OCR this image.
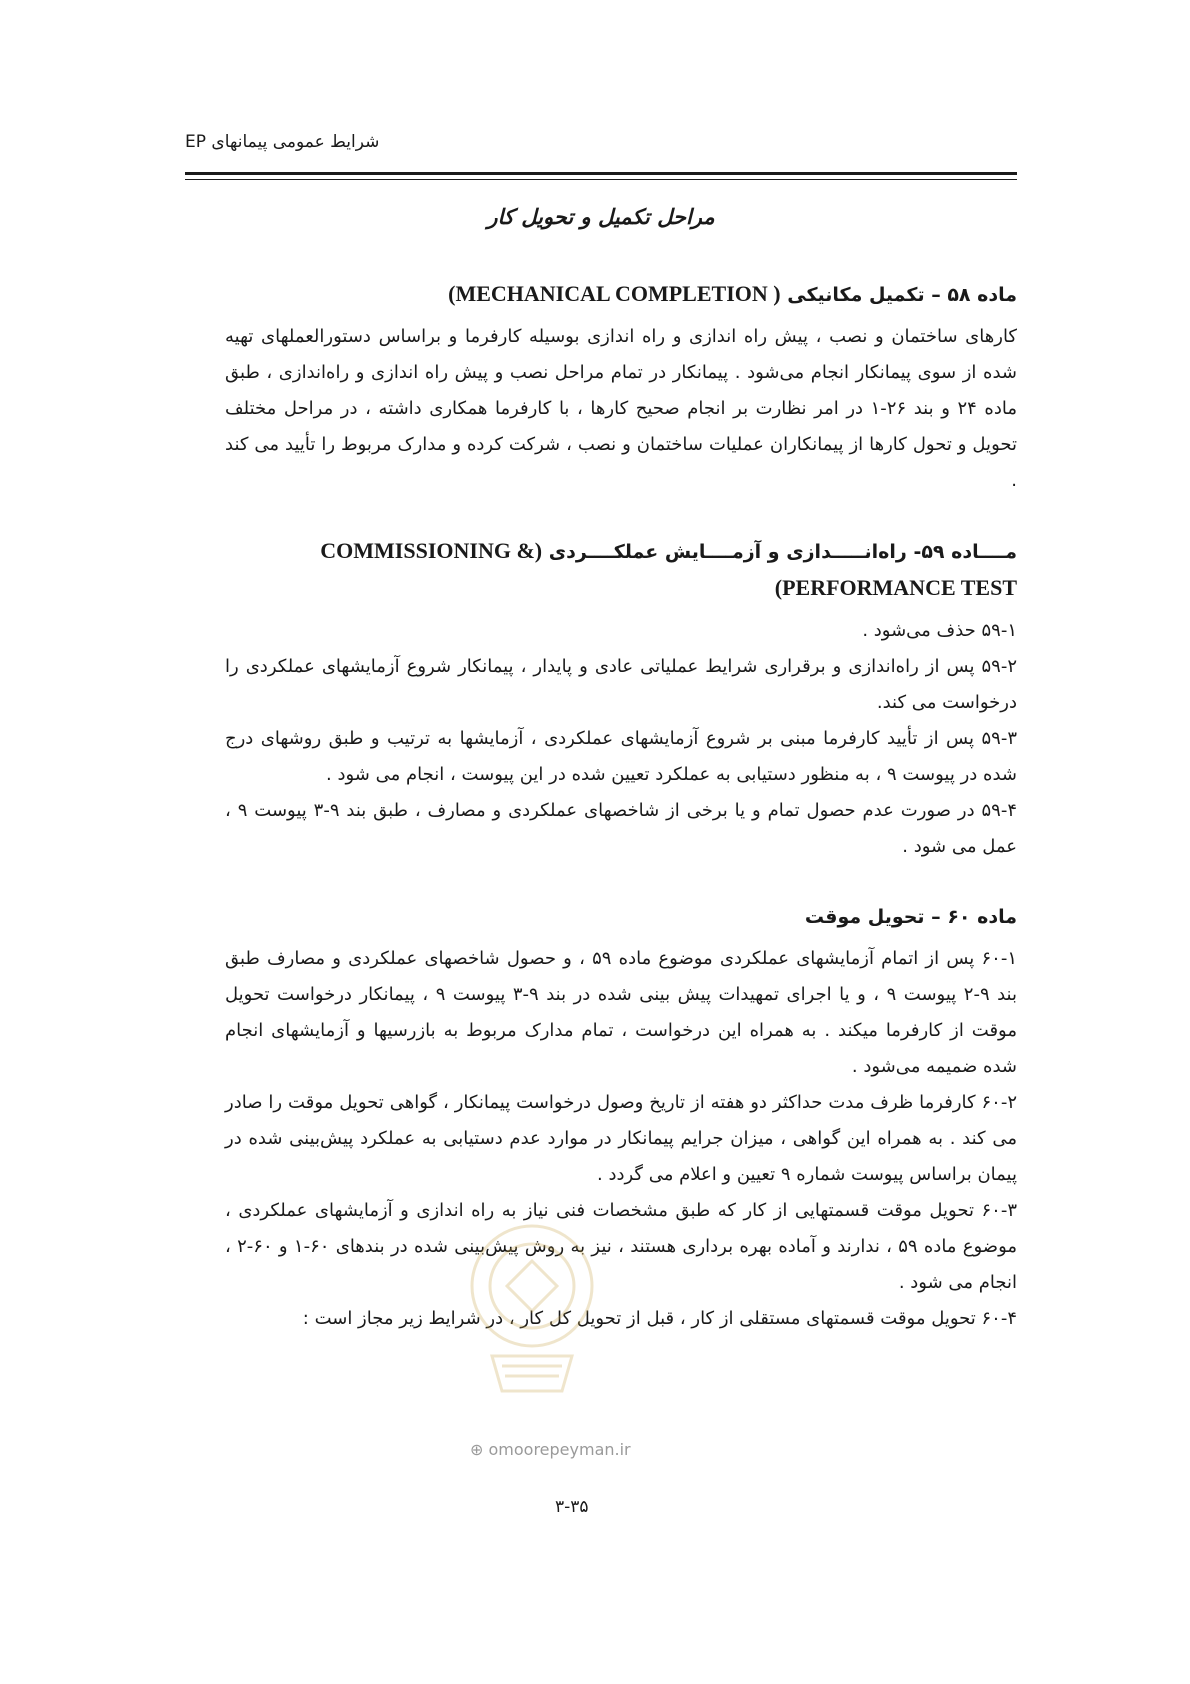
شرایط عمومی پیمانهای EP
مراحل تکمیل و تحویل کار

ماده ۵۸ – تکمیل مکانیکی ( MECHANICAL COMPLETION)

کارهای ساختمان و نصب ، پیش راه اندازی و راه اندازی بوسیله کارفرما و براساس دستورالعملهای تهیه شده از سوی پیمانکار انجام می‌شود . پیمانکار در تمام مراحل نصب و پیش راه اندازی و راه‌اندازی ، طبق ماده ۲۴ و بند ۲۶-۱ در امر نظارت بر انجام صحیح کارها ، با کارفرما همکاری داشته ، در مراحل مختلف تحویل و تحول کارها از پیمانکاران عملیات ساختمان و نصب ، شرکت کرده و مدارک مربوط را تأیید می کند .

مــــاده ۵۹- راه‌انـــــدازی و آزمــــایش عملکــــردی (COMMISSIONING & PERFORMANCE TEST)

۵۹-۱ حذف می‌شود .

۵۹-۲ پس از راه‌اندازی و برقراری شرایط عملیاتی عادی و پایدار ، پیمانکار شروع آزمایشهای عملکردی را درخواست می کند.

۵۹-۳ پس از تأیید کارفرما مبنی بر شروع آزمایشهای عملکردی ، آزمایشها به ترتیب و طبق روشهای درج شده در پیوست ۹ ، به منظور دستیابی به عملکرد تعیین شده در این پیوست ، انجام می شود .

۵۹-۴ در صورت عدم حصول تمام و یا برخی از شاخصهای عملکردی و مصارف ، طبق بند ۹-۳ پیوست ۹ ، عمل می شود .

ماده ۶۰ – تحویل موقت

۶۰-۱ پس از اتمام آزمایشهای عملکردی موضوع ماده ۵۹ ، و حصول شاخصهای عملکردی و مصارف طبق بند ۹-۲ پیوست ۹ ، و یا اجرای تمهیدات پیش بینی شده در بند ۹-۳ پیوست ۹ ، پیمانکار درخواست تحویل موقت از کارفرما میکند . به همراه این درخواست ، تمام مدارک مربوط به بازرسیها و آزمایشهای انجام شده ضمیمه می‌شود .

۶۰-۲ کارفرما ظرف مدت حداکثر دو هفته از تاریخ وصول درخواست پیمانکار ، گواهی تحویل موقت را صادر می کند . به همراه این گواهی ، میزان جرایم پیمانکار در موارد عدم دستیابی به عملکرد پیش‌بینی شده در پیمان براساس پیوست شماره ۹ تعیین و اعلام می گردد .

۶۰-۳ تحویل موقت قسمتهایی از کار که طبق مشخصات فنی نیاز به راه اندازی و آزمایشهای عملکردی ، موضوع ماده ۵۹ ، ندارند و آماده بهره برداری هستند ، نیز به روش پیش‌بینی شده در بندهای ۶۰-۱ و ۶۰-۲ ، انجام می شود .

۶۰-۴ تحویل موقت قسمتهای مستقلی از کار ، قبل از تحویل کل کار ، در شرایط زیر مجاز است :

⊕ omoorepeyman.ir
۳-۳۵
